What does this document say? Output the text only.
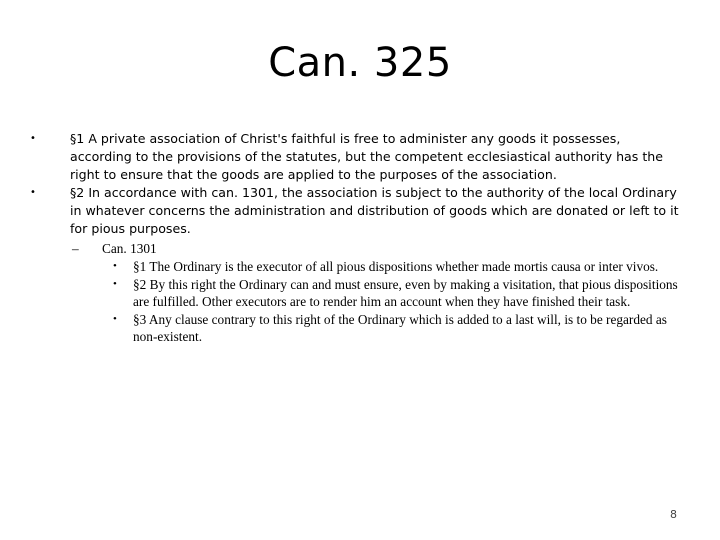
Can. 325
•	§1 A private association of Christ's faithful is free to administer any goods it possesses, according to the provisions of the statutes, but the competent ecclesiastical authority has the right to ensure that the goods are applied to the purposes of the association.
•	§2 In accordance with can. 1301, the association is subject to the authority of the local Ordinary in whatever concerns the administration and distribution of goods which are donated or left to it for pious purposes.
– Can. 1301
• §1 The Ordinary is the executor of all pious dispositions whether made mortis causa or inter vivos.
• §2 By this right the Ordinary can and must ensure, even by making a visitation, that pious dispositions are fulfilled. Other executors are to render him an account when they have finished their task.
• §3 Any clause contrary to this right of the Ordinary which is added to a last will, is to be regarded as non-existent.
8
